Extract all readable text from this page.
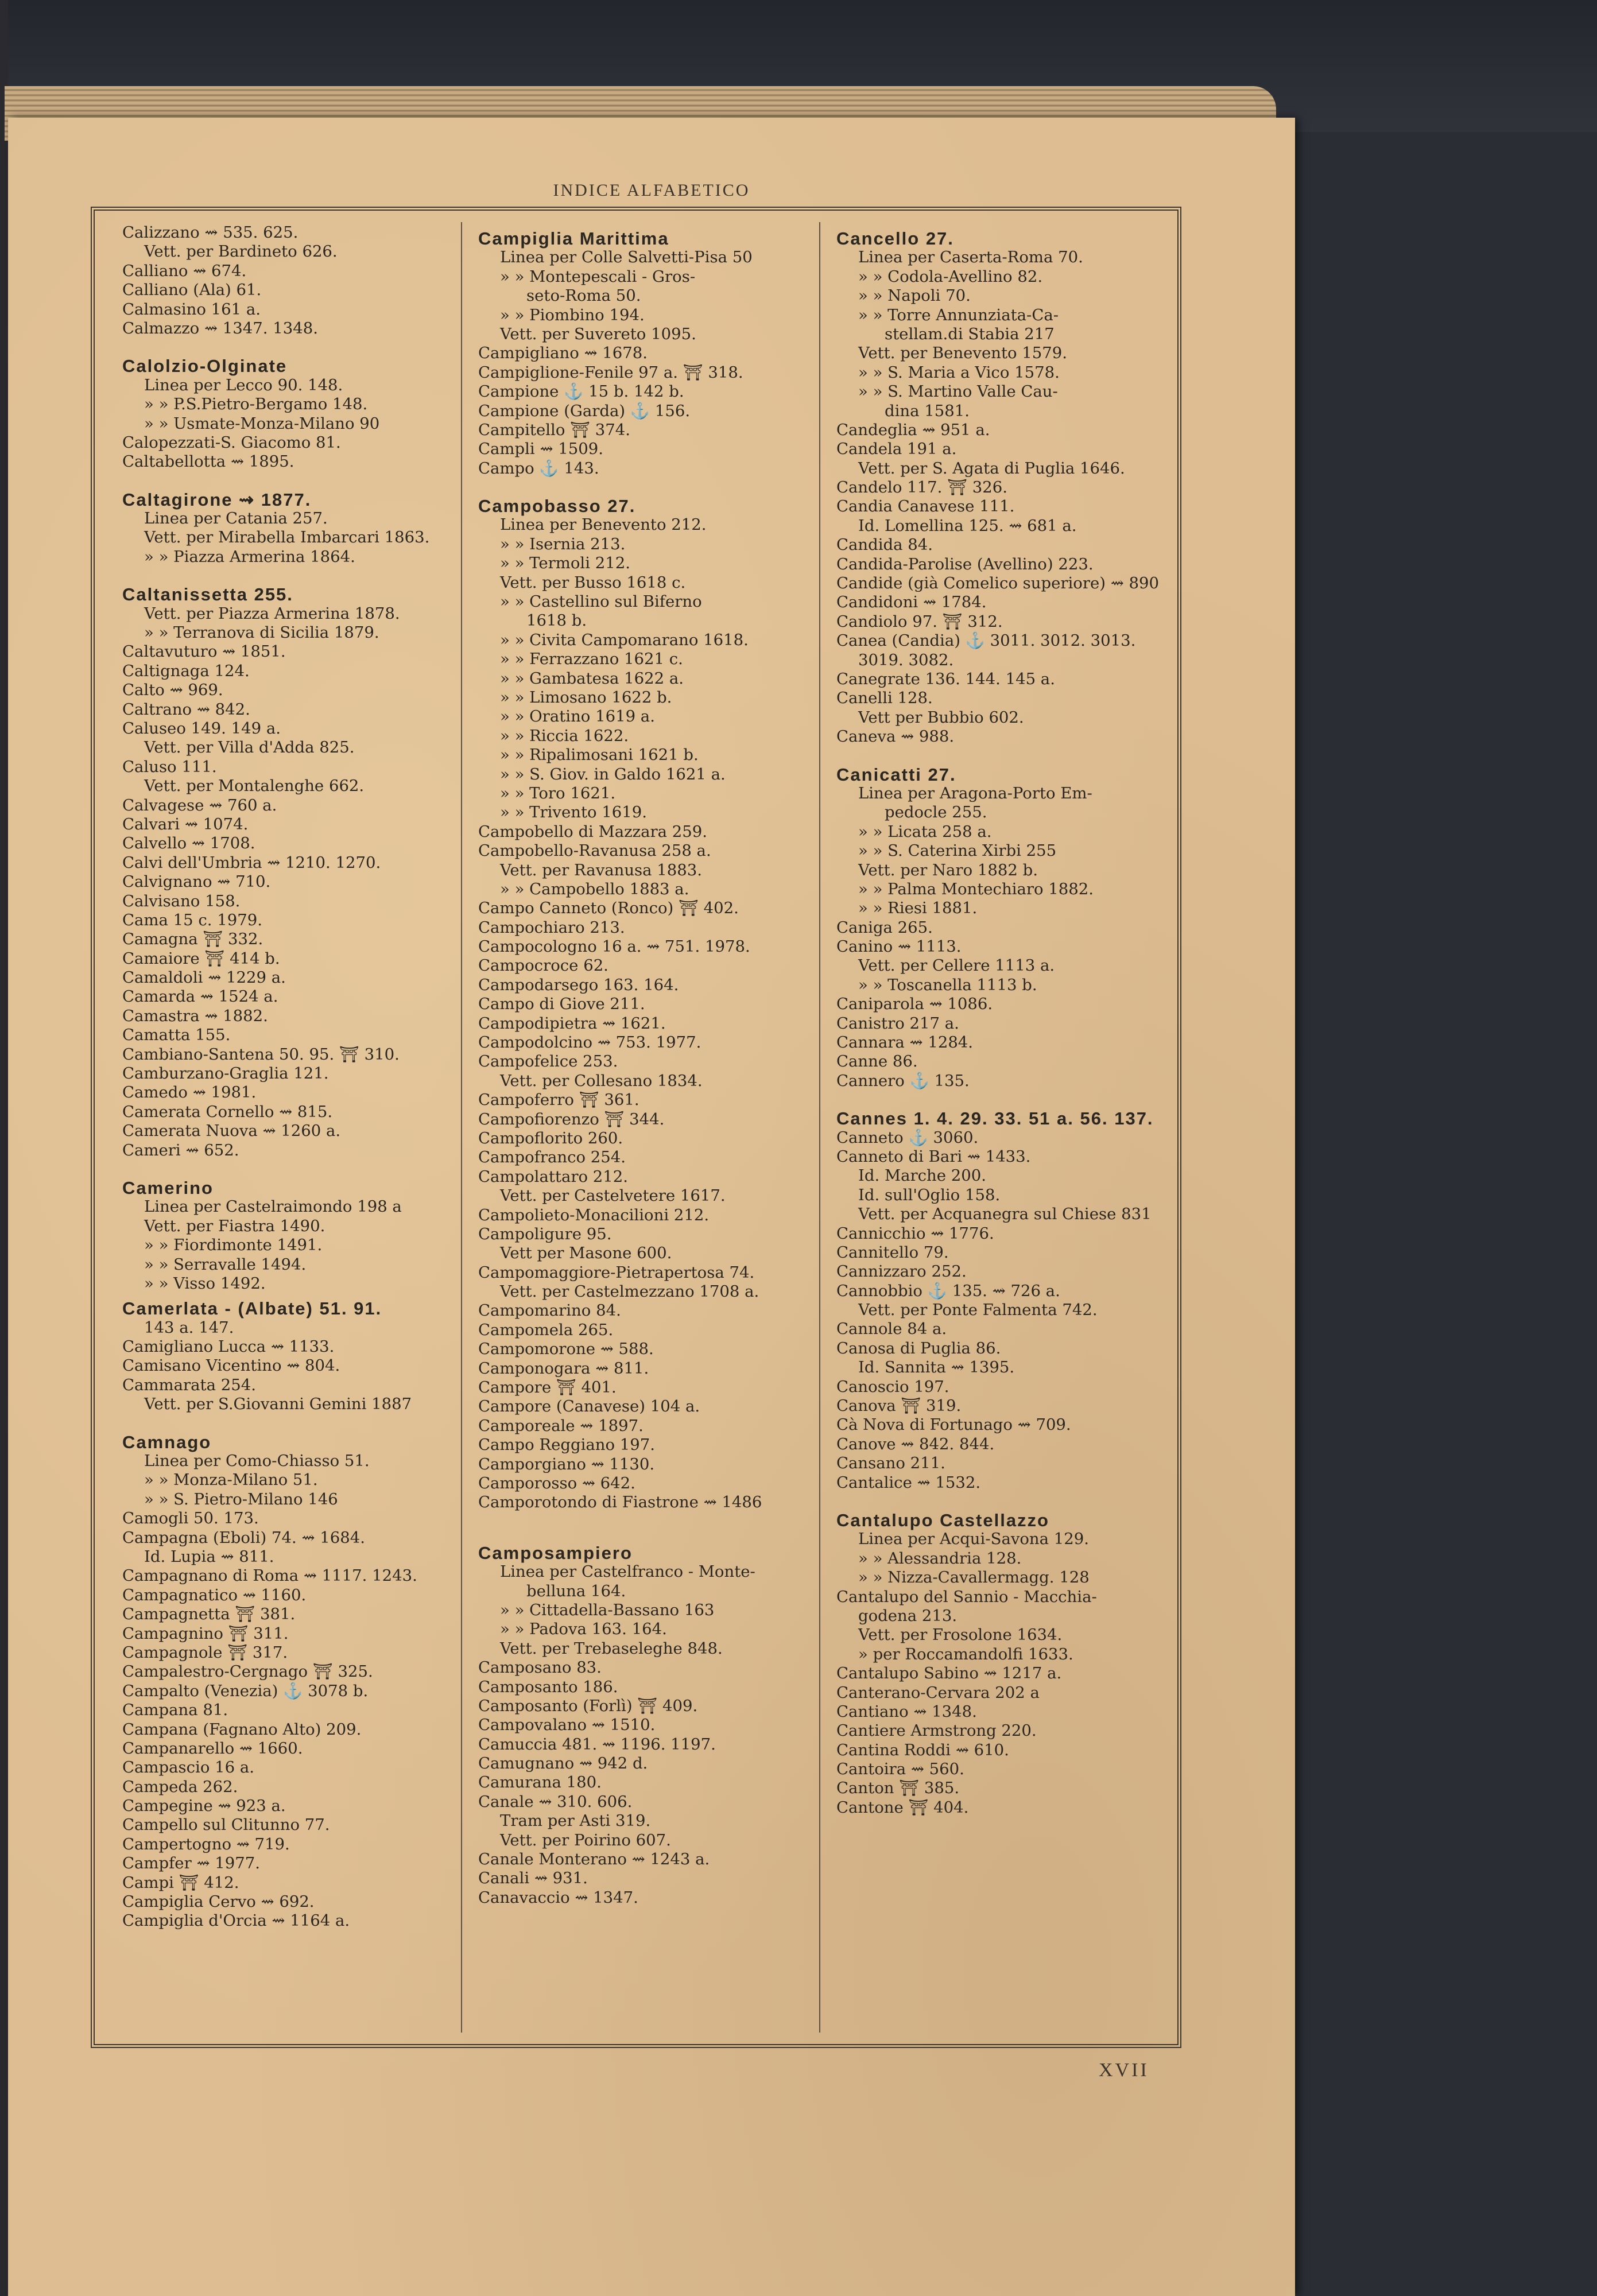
INDICE ALFABETICO
Calizzano ⇝ 535. 625.
Vett. per Bardineto 626.
Calliano ⇝ 674.
Calliano (Ala) 61.
Calmasino 161 a.
Calmazzo ⇝ 1347. 1348.
Calolzio-Olginate
Linea per Lecco 90. 148.
» » P.S.Pietro-Bergamo 148.
» » Usmate-Monza-Milano 90
Calopezzati-S. Giacomo 81.
Caltabellotta ⇝ 1895.
Caltagirone ⇝ 1877.
Linea per Catania 257.
Vett. per Mirabella Imbarcari 1863.
» » Piazza Armerina 1864.
Caltanissetta 255.
Vett. per Piazza Armerina 1878.
» » Terranova di Sicilia 1879.
Caltavuturo ⇝ 1851.
Caltignaga 124.
Calto ⇝ 969.
Caltrano ⇝ 842.
Caluseo 149. 149 a.
Vett. per Villa d'Adda 825.
Caluso 111.
Vett. per Montalenghe 662.
Calvagese ⇝ 760 a.
Calvari ⇝ 1074.
Calvello ⇝ 1708.
Calvi dell'Umbria ⇝ 1210. 1270.
Calvignano ⇝ 710.
Calvisano 158.
Cama 15 c. 1979.
Camagna ⛩ 332.
Camaiore ⛩ 414 b.
Camaldoli ⇝ 1229 a.
Camarda ⇝ 1524 a.
Camastra ⇝ 1882.
Camatta 155.
Cambiano-Santena 50. 95. ⛩ 310.
Camburzano-Graglia 121.
Camedo ⇝ 1981.
Camerata Cornello ⇝ 815.
Camerata Nuova ⇝ 1260 a.
Cameri ⇝ 652.
Camerino
Linea per Castelraimondo 198 a
Vett. per Fiastra 1490.
» » Fiordimonte 1491.
» » Serravalle 1494.
» » Visso 1492.
Camerlata - (Albate) 51. 91.
143 a. 147.
Camigliano Lucca ⇝ 1133.
Camisano Vicentino ⇝ 804.
Cammarata 254.
Vett. per S.Giovanni Gemini 1887
Camnago
Linea per Como-Chiasso 51.
» » Monza-Milano 51.
» » S. Pietro-Milano 146
Camogli 50. 173.
Campagna (Eboli) 74. ⇝ 1684.
Id. Lupia ⇝ 811.
Campagnano di Roma ⇝ 1117. 1243.
Campagnatico ⇝ 1160.
Campagnetta ⛩ 381.
Campagnino ⛩ 311.
Campagnole ⛩ 317.
Campalestro-Cergnago ⛩ 325.
Campalto (Venezia) ⚓ 3078 b.
Campana 81.
Campana (Fagnano Alto) 209.
Campanarello ⇝ 1660.
Campascio 16 a.
Campeda 262.
Campegine ⇝ 923 a.
Campello sul Clitunno 77.
Campertogno ⇝ 719.
Campfer ⇝ 1977.
Campi ⛩ 412.
Campiglia Cervo ⇝ 692.
Campiglia d'Orcia ⇝ 1164 a.
Campiglia Marittima
Linea per Colle Salvetti-Pisa 50
» » Montepescali - Gros-
seto-Roma 50.
» » Piombino 194.
Vett. per Suvereto 1095.
Campigliano ⇝ 1678.
Campiglione-Fenile 97 a. ⛩ 318.
Campione ⚓ 15 b. 142 b.
Campione (Garda) ⚓ 156.
Campitello ⛩ 374.
Campli ⇝ 1509.
Campo ⚓ 143.
Campobasso 27.
Linea per Benevento 212.
» » Isernia 213.
» » Termoli 212.
Vett. per Busso 1618 c.
» » Castellino sul Biferno
1618 b.
» » Civita Campomarano 1618.
» » Ferrazzano 1621 c.
» » Gambatesa 1622 a.
» » Limosano 1622 b.
» » Oratino 1619 a.
» » Riccia 1622.
» » Ripalimosani 1621 b.
» » S. Giov. in Galdo 1621 a.
» » Toro 1621.
» » Trivento 1619.
Campobello di Mazzara 259.
Campobello-Ravanusa 258 a.
Vett. per Ravanusa 1883.
» » Campobello 1883 a.
Campo Canneto (Ronco) ⛩ 402.
Campochiaro 213.
Campocologno 16 a. ⇝ 751. 1978.
Campocroce 62.
Campodarsego 163. 164.
Campo di Giove 211.
Campodipietra ⇝ 1621.
Campodolcino ⇝ 753. 1977.
Campofelice 253.
Vett. per Collesano 1834.
Campoferro ⛩ 361.
Campofiorenzo ⛩ 344.
Campoflorito 260.
Campofranco 254.
Campolattaro 212.
Vett. per Castelvetere 1617.
Campolieto-Monacilioni 212.
Campoligure 95.
Vett per Masone 600.
Campomaggiore-Pietrapertosa 74.
Vett. per Castelmezzano 1708 a.
Campomarino 84.
Campomela 265.
Campomorone ⇝ 588.
Camponogara ⇝ 811.
Campore ⛩ 401.
Campore (Canavese) 104 a.
Camporeale ⇝ 1897.
Campo Reggiano 197.
Camporgiano ⇝ 1130.
Camporosso ⇝ 642.
Camporotondo di Fiastrone ⇝ 1486
Camposampiero
Linea per Castelfranco - Monte-
belluna 164.
» » Cittadella-Bassano 163
» » Padova 163. 164.
Vett. per Trebaseleghe 848.
Camposano 83.
Camposanto 186.
Camposanto (Forlì) ⛩ 409.
Campovalano ⇝ 1510.
Camuccia 481. ⇝ 1196. 1197.
Camugnano ⇝ 942 d.
Camurana 180.
Canale ⇝ 310. 606.
Tram per Asti 319.
Vett. per Poirino 607.
Canale Monterano ⇝ 1243 a.
Canali ⇝ 931.
Canavaccio ⇝ 1347.
Cancello 27.
Linea per Caserta-Roma 70.
» » Codola-Avellino 82.
» » Napoli 70.
» » Torre Annunziata-Ca-
stellam.di Stabia 217
Vett. per Benevento 1579.
» » S. Maria a Vico 1578.
» » S. Martino Valle Cau-
dina 1581.
Candeglia ⇝ 951 a.
Candela 191 a.
Vett. per S. Agata di Puglia 1646.
Candelo 117. ⛩ 326.
Candia Canavese 111.
Id. Lomellina 125. ⇝ 681 a.
Candida 84.
Candida-Parolise (Avellino) 223.
Candide (già Comelico superiore) ⇝ 890
Candidoni ⇝ 1784.
Candiolo 97. ⛩ 312.
Canea (Candia) ⚓ 3011. 3012. 3013.
3019. 3082.
Canegrate 136. 144. 145 a.
Canelli 128.
Vett per Bubbio 602.
Caneva ⇝ 988.
Canicatti 27.
Linea per Aragona-Porto Em-
pedocle 255.
» » Licata 258 a.
» » S. Caterina Xirbi 255
Vett. per Naro 1882 b.
» » Palma Montechiaro 1882.
» » Riesi 1881.
Caniga 265.
Canino ⇝ 1113.
Vett. per Cellere 1113 a.
» » Toscanella 1113 b.
Caniparola ⇝ 1086.
Canistro 217 a.
Cannara ⇝ 1284.
Canne 86.
Cannero ⚓ 135.
Cannes 1. 4. 29. 33. 51 a. 56. 137.
Canneto ⚓ 3060.
Canneto di Bari ⇝ 1433.
Id. Marche 200.
Id. sull'Oglio 158.
Vett. per Acquanegra sul Chiese 831
Cannicchio ⇝ 1776.
Cannitello 79.
Cannizzaro 252.
Cannobbio ⚓ 135. ⇝ 726 a.
Vett. per Ponte Falmenta 742.
Cannole 84 a.
Canosa di Puglia 86.
Id. Sannita ⇝ 1395.
Canoscio 197.
Canova ⛩ 319.
Cà Nova di Fortunago ⇝ 709.
Canove ⇝ 842. 844.
Cansano 211.
Cantalice ⇝ 1532.
Cantalupo Castellazzo
Linea per Acqui-Savona 129.
» » Alessandria 128.
» » Nizza-Cavallermagg. 128
Cantalupo del Sannio - Macchia-
godena 213.
Vett. per Frosolone 1634.
» per Roccamandolfi 1633.
Cantalupo Sabino ⇝ 1217 a.
Canterano-Cervara 202 a
Cantiano ⇝ 1348.
Cantiere Armstrong 220.
Cantina Roddi ⇝ 610.
Cantoira ⇝ 560.
Canton ⛩ 385.
Cantone ⛩ 404.
XVII
